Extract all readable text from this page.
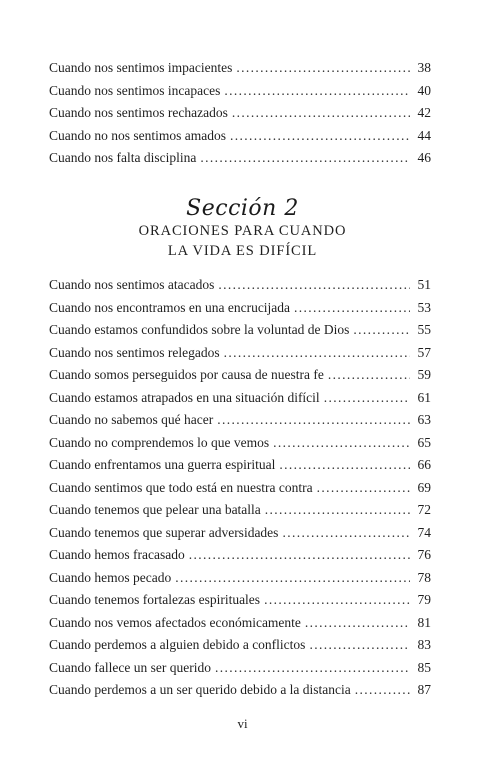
Cuando nos sentimos impacientes . . .	38
Cuando nos sentimos incapaces . . .	40
Cuando nos sentimos rechazados . . .	42
Cuando no nos sentimos amados . . .	44
Cuando nos falta disciplina . . .	46
Sección 2
ORACIONES PARA CUANDO
LA VIDA ES DIFÍCIL
Cuando nos sentimos atacados . . .	51
Cuando nos encontramos en una encrucijada . . .	53
Cuando estamos confundidos sobre la voluntad de Dios . . .	55
Cuando nos sentimos relegados . . .	57
Cuando somos perseguidos por causa de nuestra fe . . .	59
Cuando estamos atrapados en una situación difícil . . .	61
Cuando no sabemos qué hacer . . .	63
Cuando no comprendemos lo que vemos . . .	65
Cuando enfrentamos una guerra espiritual . . .	66
Cuando sentimos que todo está en nuestra contra . . .	69
Cuando tenemos que pelear una batalla . . .	72
Cuando tenemos que superar adversidades . . .	74
Cuando hemos fracasado . . .	76
Cuando hemos pecado . . .	78
Cuando tenemos fortalezas espirituales . . .	79
Cuando nos vemos afectados económicamente . . .	81
Cuando perdemos a alguien debido a conflictos . . .	83
Cuando fallece un ser querido . . .	85
Cuando perdemos a un ser querido debido a la distancia . . .	87
vi
